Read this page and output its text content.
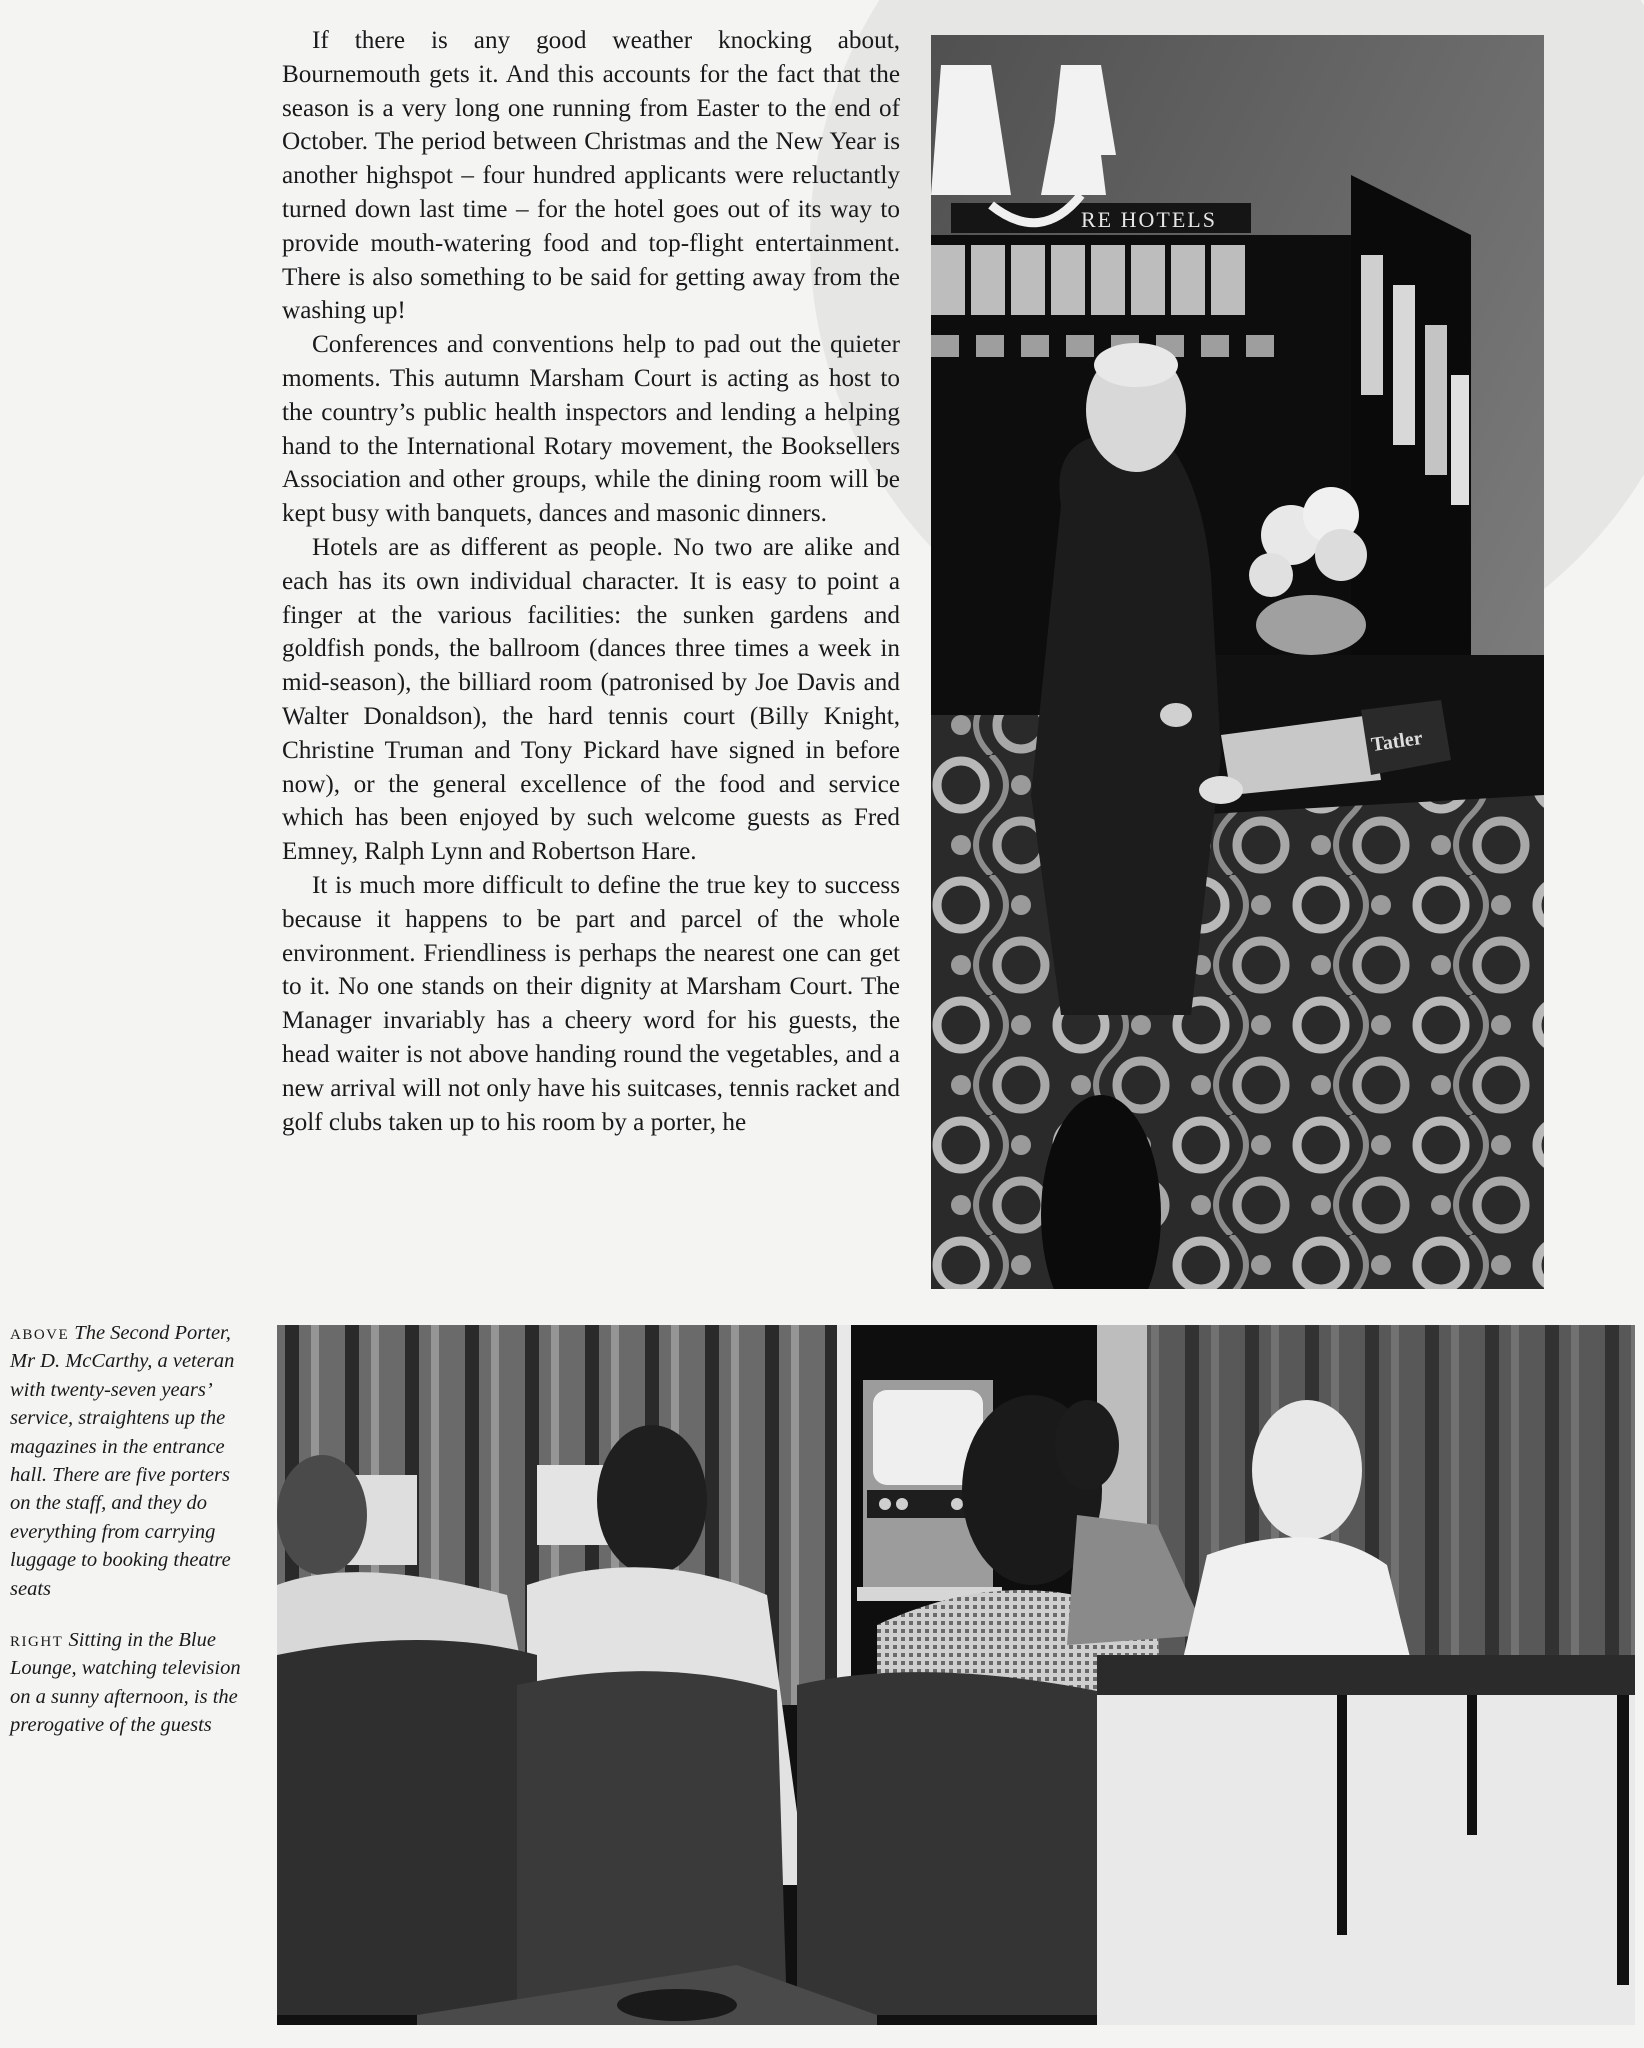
If there is any good weather knocking about, Bournemouth gets it. And this accounts for the fact that the season is a very long one running from Easter to the end of October. The period between Christmas and the New Year is another highspot – four hundred applicants were reluctantly turned down last time – for the hotel goes out of its way to provide mouth-watering food and top-flight entertainment. There is also something to be said for getting away from the washing up!

Conferences and conventions help to pad out the quieter moments. This autumn Marsham Court is acting as host to the country’s public health inspectors and lending a helping hand to the International Rotary movement, the Booksellers Association and other groups, while the dining room will be kept busy with banquets, dances and masonic dinners.

Hotels are as different as people. No two are alike and each has its own individual character. It is easy to point a finger at the various facilities: the sunken gardens and goldfish ponds, the ballroom (dances three times a week in mid-season), the billiard room (patronised by Joe Davis and Walter Donaldson), the hard tennis court (Billy Knight, Christine Truman and Tony Pickard have signed in before now), or the general excellence of the food and service which has been enjoyed by such welcome guests as Fred Emney, Ralph Lynn and Robertson Hare.

It is much more difficult to define the true key to success because it happens to be part and parcel of the whole environment. Friendliness is perhaps the nearest one can get to it. No one stands on their dignity at Marsham Court. The Manager invariably has a cheery word for his guests, the head waiter is not above handing round the vegetables, and a new arrival will not only have his suitcases, tennis racket and golf clubs taken up to his room by a porter, he

RE HOTELS
Tatler

above The Second Porter, Mr D. McCarthy, a veteran with twenty-seven years’ service, straightens up the magazines in the entrance hall. There are five porters on the staff, and they do everything from carrying luggage to booking theatre seats

right Sitting in the Blue Lounge, watching television on a sunny afternoon, is the prerogative of the guests
